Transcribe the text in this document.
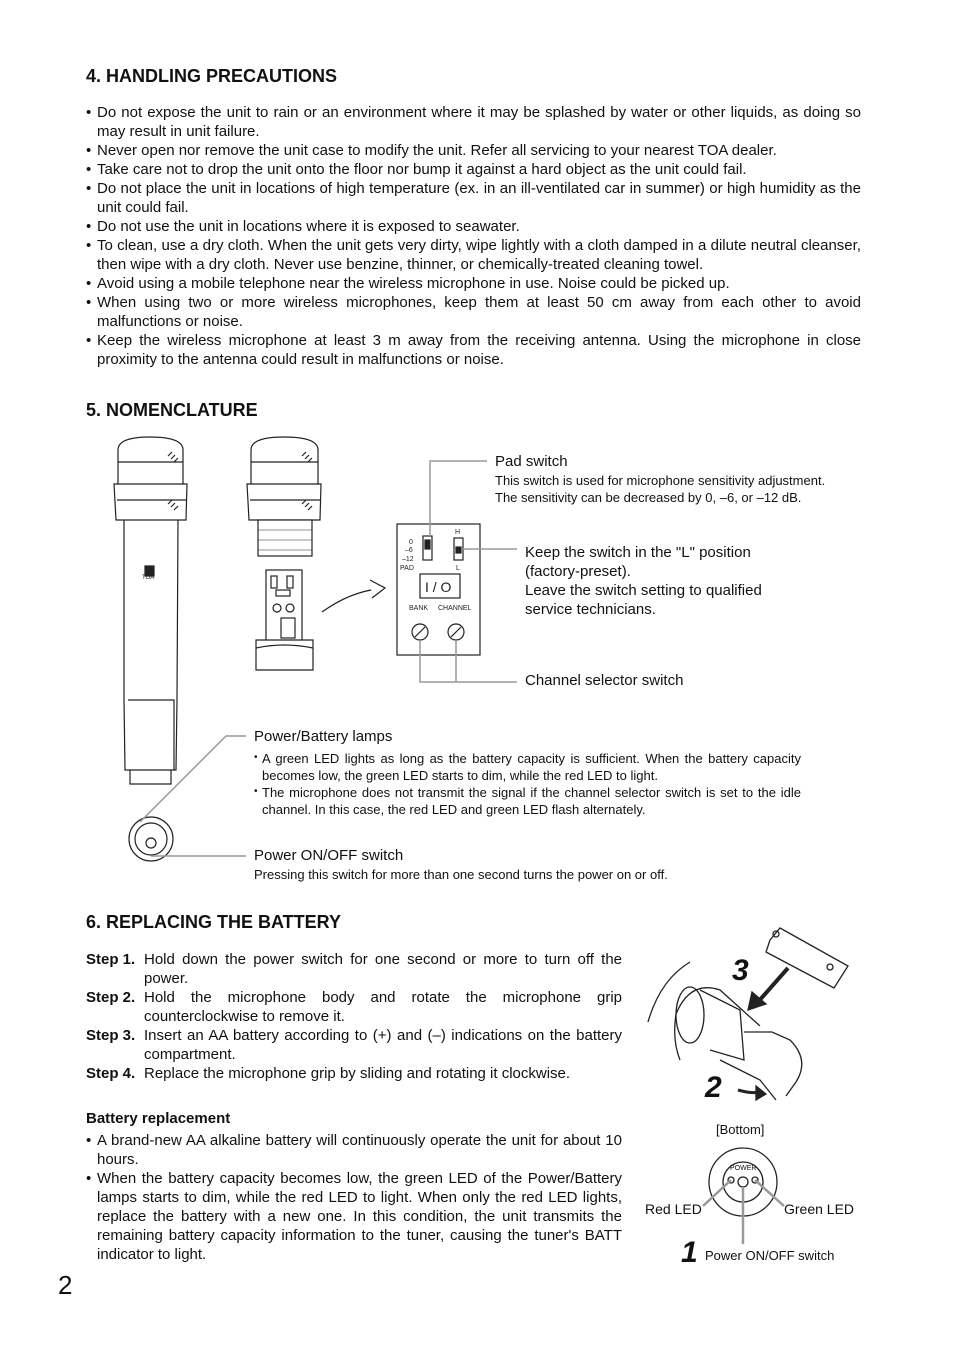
4. HANDLING PRECAUTIONS
• Do not expose the unit to rain or an environment where it may be splashed by water or other liquids, as doing so may result in unit failure.
• Never open nor remove the unit case to modify the unit. Refer all servicing to your nearest TOA dealer.
• Take care not to drop the unit onto the floor nor bump it against a hard object as the unit could fail.
• Do not place the unit in locations of high temperature (ex. in an ill-ventilated car in summer) or high humidity as the unit could fail.
• Do not use the unit in locations where it is exposed to seawater.
• To clean, use a dry cloth. When the unit gets very dirty, wipe lightly with a cloth damped in a dilute neutral cleanser, then wipe with a dry cloth. Never use benzine, thinner, or chemically-treated cleaning towel.
• Avoid using a mobile telephone near the wireless microphone in use. Noise could be picked up.
• When using two or more wireless microphones, keep them at least 50 cm away from each other to avoid malfunctions or noise.
• Keep the wireless microphone at least 3 m away from the receiving antenna. Using the microphone in close proximity to the antenna could result in malfunctions or noise.
5. NOMENCLATURE
0
–6
–12
PAD
H
L
I / O
BANK CHANNEL
TOA
3
2
1
[Bottom]
POWER
Red LED	Green LED
Power ON/OFF switch

Pad switch

This switch is used for microphone sensitivity adjustment.

The sensitivity can be decreased by 0, –6, or –12 dB.

Keep the switch in the "L" position

(factory-preset).

Leave the switch setting to qualified

service technicians.

Channel selector switch

Power/Battery lamps

• A green LED lights as long as the battery capacity is sufficient. When the battery capacity becomes low, the green LED starts to dim, while the red LED to light.
• The microphone does not transmit the signal if the channel selector switch is set to the idle channel. In this case, the red LED and green LED flash alternately.

Power ON/OFF switch

Pressing this switch for more than one second turns the power on or off.

6. REPLACING THE BATTERY
Step 1. Hold down the power switch for one second or more to turn off the power.
Step 2. Hold the microphone body and rotate the microphone grip counterclockwise to remove it.
Step 3. Insert an AA battery according to (+) and (–) indications on the battery compartment.
Step 4. Replace the microphone grip by sliding and rotating it clockwise.

Battery replacement

• A brand-new AA alkaline battery will continuously operate the unit for about 10 hours.
• When the battery capacity becomes low, the green LED of the Power/Battery lamps starts to dim, while the red LED to light. When only the red LED lights, replace the battery with a new one. In this condition, the unit transmits the remaining battery capacity information to the tuner, causing the tuner's BATT indicator to light.
2
